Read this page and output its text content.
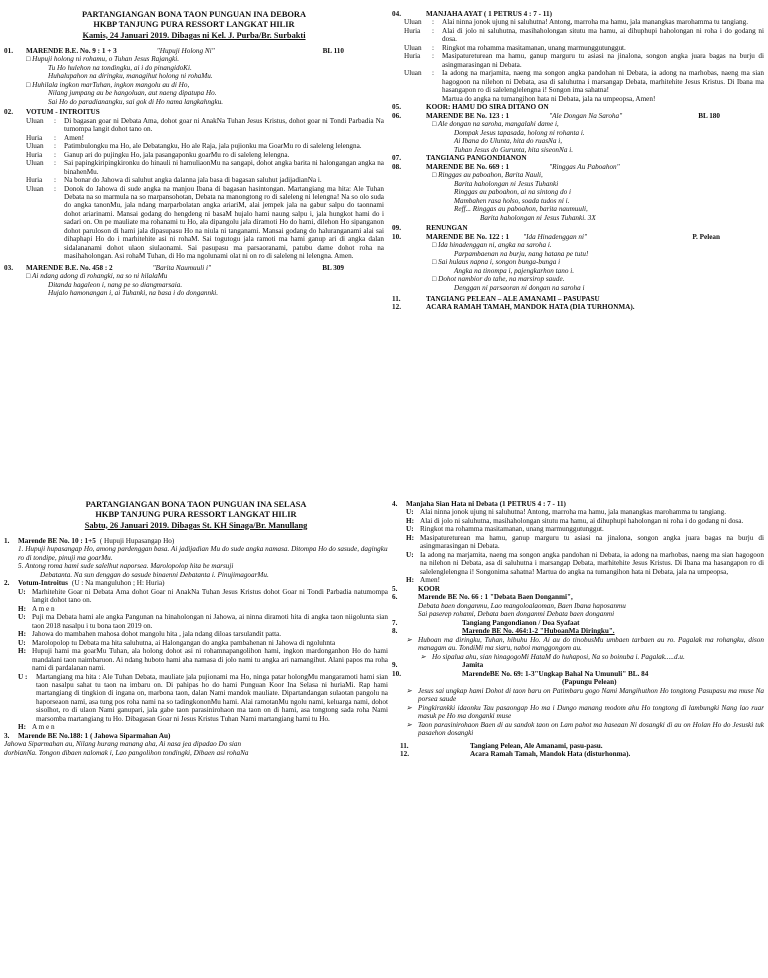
PARTANGIANGAN BONA TAON PUNGUAN INA DEBORA
HKBP TANJUNG PURA RESSORT LANGKAT HILIR
Kamis, 24 Januari 2019. Dibagas ni Kel. J. Purba/Br. Surbakti
01.	MARENDE B.E. No. 9 : 1 + 3	"Hupuji Holong Ni"	BL 110
□ Hupuji holong ni rohamu, o Tuhan Jesus Rajangki.
Tu Ho hulehon na tondingku, ai i do pinangidoKi.
Huhalupahon na diringku, managihut holong ni rohaMu.
□ Huhilala ingkon marTuhan, ingkon mangolu au di Ho,
Nilang jumpang au be hangoluan, aut naeng dipatupa Ho.
Sai Ho do paradianangku, sai gok di Ho nama langkahngku.
02.	VOTUM - INTROITUS
Uluan	:	Di bagasan goar ni Debata Ama, dohot goar ni AnakNa Tuhan Jesus Kristus, dohot goar ni Tondi Parbadia Na tumompa langit dohot tano on.
Huria	:	Amen!
Uluan	:	Patimbulongku ma Ho, ale Debatangku, Ho ale Raja, jala pujionku ma GoarMu ro di saleleng lelengna.
Huria	:	Ganup ari do pujingku Ho, jala pasangaponku goarMu ro di saleleng lelengna.
Uluan	:	Sai papingkiripingkironku do hinauli ni hamuliaonMu na sangapi, dohot angka barita ni halongangan angka na binahenMu.
Huria	:	Na bonar do Jahowa di saluhut angka dalanna jala basa di bagasan saluhut jadijadianNa i.
Uluan	:	Donok do Jahowa di sude angka na manjou Ibana di bagasan hasintongan. Martangiang ma hita: Ale Tuhan Debata na so marmula na so marpansohotan, Debata na manongtong ro di saleleng ni lelengna! Na so olo suda do angka tanonMu, jala ndang marparbolatan angka ariariM, alai jempek jala na gabur salpu do taonnami dohot ariarinami. Mansai godang do hengdeng ni basaM hujalo hami naung salpu i, jala hungkot hami do i sadari on. On pe mauliate ma rohanami tu Ho, ala dipangolu jala diramoti Ho do hami, dilehon Ho sipanganon dohot paruloson di hami jala dipasupasu Ho na niula ni tanganami. Mansai godang do haluranganami alai sai dihaphapi Ho do i marhitehite asi ni rohaM. Sai togutogu jala ramoti ma hami ganup ari di angka dalan sidalananami dohot ulaon siulaonami. Sai pasupasu ma parsaoranami, patubu dame dohot roha na masihaholongan. Asi rohaM Tuhan, di Ho ma ngolunami olat ni on ro di saleleng ni lelengna. Amen.
03.	MARENDE B.E. No. 458 : 2	"Barita Naumuuli i"	BL 309
□ Ai ndang adong di rohangki, na so ni hilalaMu
Ditanda hagaleon i, nang pe so diangmarsaia.
Hujalo hamonangan i, ai Tuhanki, na basa i do dongannki.
04.	MANJAHA AYAT ( 1 PETRUS 4 : 7 - 11)
Uluan	:	Alai ninna jonok ujung ni saluhutna! Antong, marroha ma hamu, jala manangkas marohamma tu tangiang.
Huria	:	Alai di jolo ni saluhutna, masihaholongan situtu ma hamu, ai dihuphupi haholongan ni roha i do godang ni dosa.
Uluan	:	Ringkot ma rohamma masitamanan, unang marmunggutunggut.
Huria	:	Masipatureturean ma hamu, ganup marguru tu asiasi na jinalona, songon angka juara bagas na burju di asingmarasingan ni Debata.
Uluan	:	Ia adong na marjamita, naeng ma songon angka pandohan ni Debata, ia adong na marhobas, naeng ma sian hagogoon na nilehon ni Debata, asa di saluhutna i marsangap Debata, marhitehite Jesus Kristus. Di Ibana ma hasangapon ro di salelenglelengna i! Songon ima sahatna!
Martua do angka na tumangihon hata ni Debata, jala na umpeopsa, Amen!
05.	KOOR: HAMU DO SIRA DITANO ON
06.	MARENDE BE No. 123 : 1	"Ale Dongan Na Saroha"	BL 180
□ Ale dongan na saroha, mangalahi dame i,
Dompak Jesus tapasada, holong ni rohanta i.
Ai Ibana do Ulunta, hita do ruasNa i,
Tuhan Jesus do Gurunta, hita siseonNa i.
07.	TANGIANG PANGONDIANON
08.	MARENDE BE No. 669 : 1	"Ringgas Au Paboahon"
□ Ringgas au paboahon, Barita Nauli,
Barita haholongan ni Jesus Tuhanki
Ringgas au paboahon, ai na sintong do i
Mambahen rasa holso, soada tudos ni i.
Reff... Ringgas au paboahon, barita naumuuli,
Barita haholongan ni Jesus Tuhanki. 3X
09.	RENUNGAN
10.	MARENDE BE No. 122 : 1 "Ida Hinadenggan ni"	P. Pelean
□ Ida hinadenggan ni, angka na saroha i.
Parpambaenan na burju, nang hatana pe tutu!
□ Sai hulaus napna i, songon bunga-bunga i
Angka na tinompa i, pajengkarhon tano i.
□ Dohot nambior do tahe, na marsirop saude.
Denggan ni parsaoran ni dongan na saroha i
11.	TANGIANG PELEAN – ALE AMANAMI – PASUPASU
12.	ACARA RAMAH TAMAH, MANDOK HATA (DIA TURHONMA).
PARTANGIANGAN BONA TAON PUNGUAN INA SELASA
HKBP TANJUNG PURA RESSORT LANGKAT HILIR
Sabtu, 26 Januari 2019. Dibagas St. KH Sinaga/Br. Manullang
1.	Marende BE No. 10 : 1+5 ( Hupuji Hupasangap Ho)
1. Hupuji hupasangap Ho, among pardenggan basa. Ai jadijadian Mu do sude angka namasa. Ditompa Ho do sasude, dagingku ro di tondipe, pinuji ma goarMu.
5. Antong roma hami sude salelhut naporsea. Marolopolop hita be marsuji
Debatanta. Na sun denggan do sasude binaenni Debatanta i. PinujimagoarMu.
2.	Votum-Introitus (U : Na manguluhon ; H: Huria)
U: Marhitehite Goar ni Debata Ama dohot Goar ni AnakNa Tuhan Jesus Kristus dohot Goar ni Tondi Parbadia natumompa langit dohot tano on.
H: A m e n
U: Puji ma Debata hami ale angka Pangunan na hinaholongan ni Jahowa, ai ninna diramoti hita di angka taon niigolunta sian taon 2018 nasalpu i tu bona taon 2019 on.
H: Jahowa do mambahen mahosa dohot mangolu hita , jala ndang diloas tarsulandit patta.
U: Marolopolop tu Debata ma hita saluhutna, ai Halongangan do angka pambahenan ni Jahowa di ngoluhnta
H: Hupuji hami ma goarMu Tuhan, ala holong dohot asi ni rohamnapangolihon hami, ingkon mardonganhon Ho do hami mandalani taon naimbaruon. Ai ndang huboto hami aha namasa di jolo nami tu angka ari namangihut. Alani papos ma roha nami di pardalanan nami.
U :	Martangiang ma hita : Ale Tuhan Debata, mauliate jala pujionami ma Ho, ninga patar holongMu mangaramoti hami sian taon nasalpu sahat tu taon na imbaru on. Di pahipas ho do hami Punguan Koor Ina Selasa ni huriaMi. Rap hami martangiang di tingkion di ingana on, marbona taon, dalan Nami mandok mauliate. Dipartandangan sulaotan pangolu na haporseaon nami, asa tung pos roha nami na so tadingkononMu hami. Alai ramotanMu ngolu nami, keluarga nami, dohot sisolhot, ro di ulaon Nami ganupari, jala gabe taon parasinirohaon ma taon on di hami, asa tongtong sada roha Nami marsomba martangiang tu Ho. Dibagasan Goar ni Jesus Kristus Tuhan Nami martangiang hami tu Ho.
H: A m e n
3.	Marende BE No.188: 1 ( Jahowa Siparmahan Au)
Jahowa Siparmahan au, Nilang hurang manang aha, Ai nasa jea dipadao Do sian
dorbianNa. Tongon dibaen nalomak i, Lao pangolihon tondingki, Dibaen asi rohaNa
4.	Manjaha Sian Hata ni Debata (1 PETRUS 4 : 7 - 11)
U: Alai ninna jonok ujung ni saluhutna! Antong, marroha ma hamu, jala manangkas marohamma tu tangiang.
H: Alai di jolo ni saluhutna, masihaholongan situtu ma hamu, ai dihuphupi haholongan ni roha i do godang ni dosa.
U: Ringkot ma rohamma masitamanan, unang marmunggutunggut.
H: Masipatureturean ma hamu, ganup marguru tu asiasi na jinalona, songon angka juara bagas na burju di asingmarasingan ni Debata.
U: Ia adong na marjamita, naeng ma songon angka pandohan ni Debata, ia adong na marhobas, naeng ma sian hagogoon na nilehon ni Debata, asa di saluhutna i marsangap Debata, marhitehite Jesus Kristus. Di Ibana ma hasangapon ro di salelenglelengna i! Songonima sahatna! Martua do angka na tumangihon hata ni Debata, jala na umpeopsa,
H: Amen!
5.	KOOR
6.	Marende BE No. 66 : 1 "Debata Baen Donganmi",
Debata baen donganmu, Lao mangoloalaoman, Baen Ibana haposanmu
Sai paserep rohami, Debata baen donganmi Debata baen donganmi
7.	Tangiang Pangondianon / Doa Syafaat
8.	Marende BE No. 464:1-2 "HuboanMa Diringku".
➢ Huboan ma diringku, Tuhan, hibuhu Ho. Ai au do tinobusMu umbaen tarbaen au ro. Pagalak ma rohangku, dison managam au. TondiMi ma siaru, naboi manggongom au.
➢ Ho sipalua ahu, sian hinagogoMi HataM do huhaposi, Na so boinuba i. Pagalak.....d.u.
9.	Jamita
10.	MarendeBE No. 69: 1-3"Ungkap Bahal Na Umunuli" BL. 84
(Papungu Pelean)
➢ Jesus sai ungkap hami Dohot di taon baru on Patimbaru gogo Nami Mangihuthon Ho tongtong Pasupasu ma muse Na porsea saude
➢ Pingkirankki idaonku Tau pasaongap Ho ma i Dungo manang modom ahu Ho tongtong di lambungki Nang lao ruar masuk pe Ho ma donganki muse
➢ Taon parasinirohaon Baen di au sandok taon on Lam pahot ma haseaan Ni dosangki di au on Holan Ho do Jesuski tuk pasaehon dosangki
11.	Tangiang Pelean, Ale Amanami, pasu-pasu.
12.	Acara Ramah Tamah, Mandok Hata (disturhonma).
